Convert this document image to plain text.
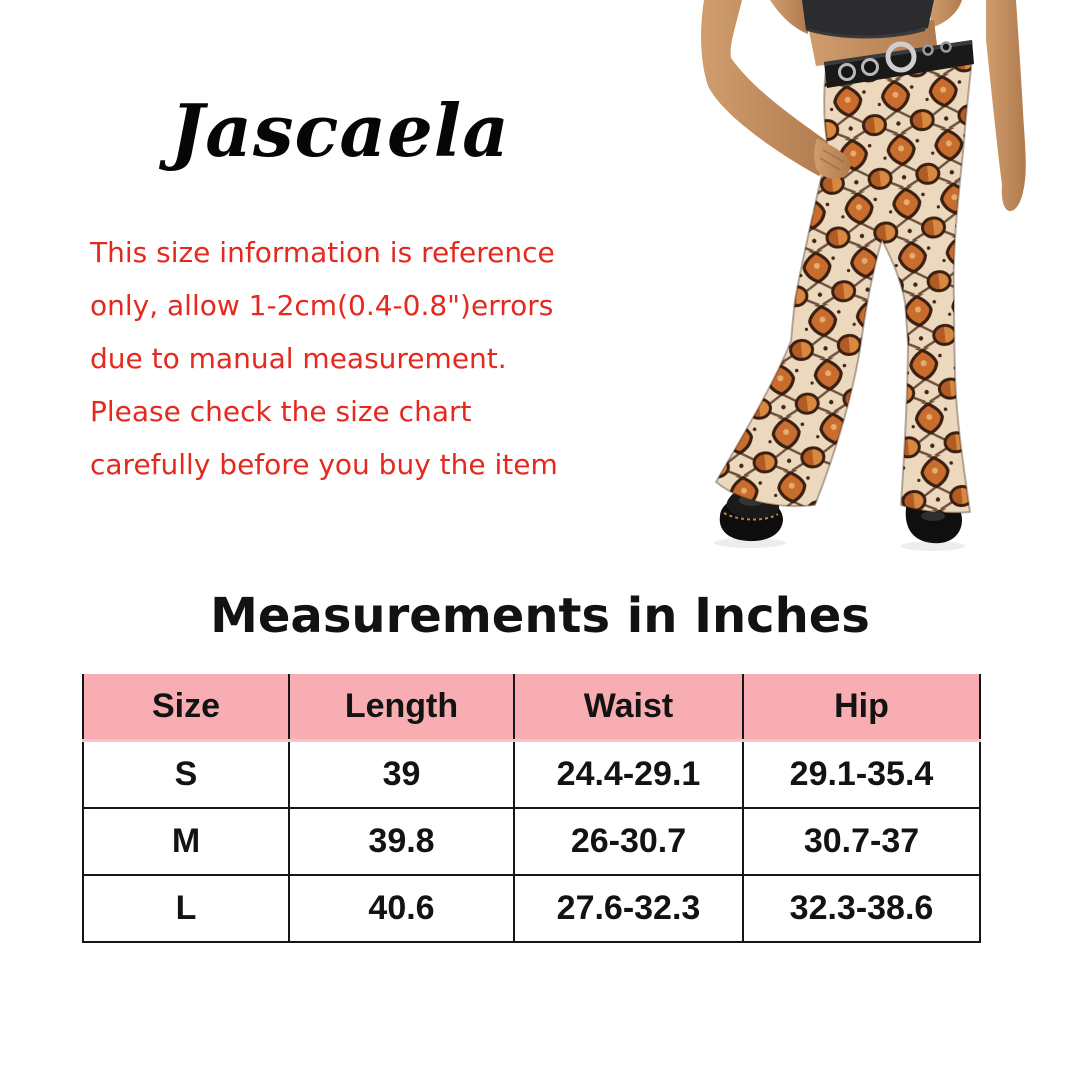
Jascaela
This size information is reference
only, allow 1-2cm(0.4-0.8")errors
due to manual measurement.
Please check the size chart
carefully before you buy the item
Measurements in Inches
Size	Length	Waist	Hip
S	39	24.4-29.1	29.1-35.4
M	39.8	26-30.7	30.7-37
L	40.6	27.6-32.3	32.3-38.6
